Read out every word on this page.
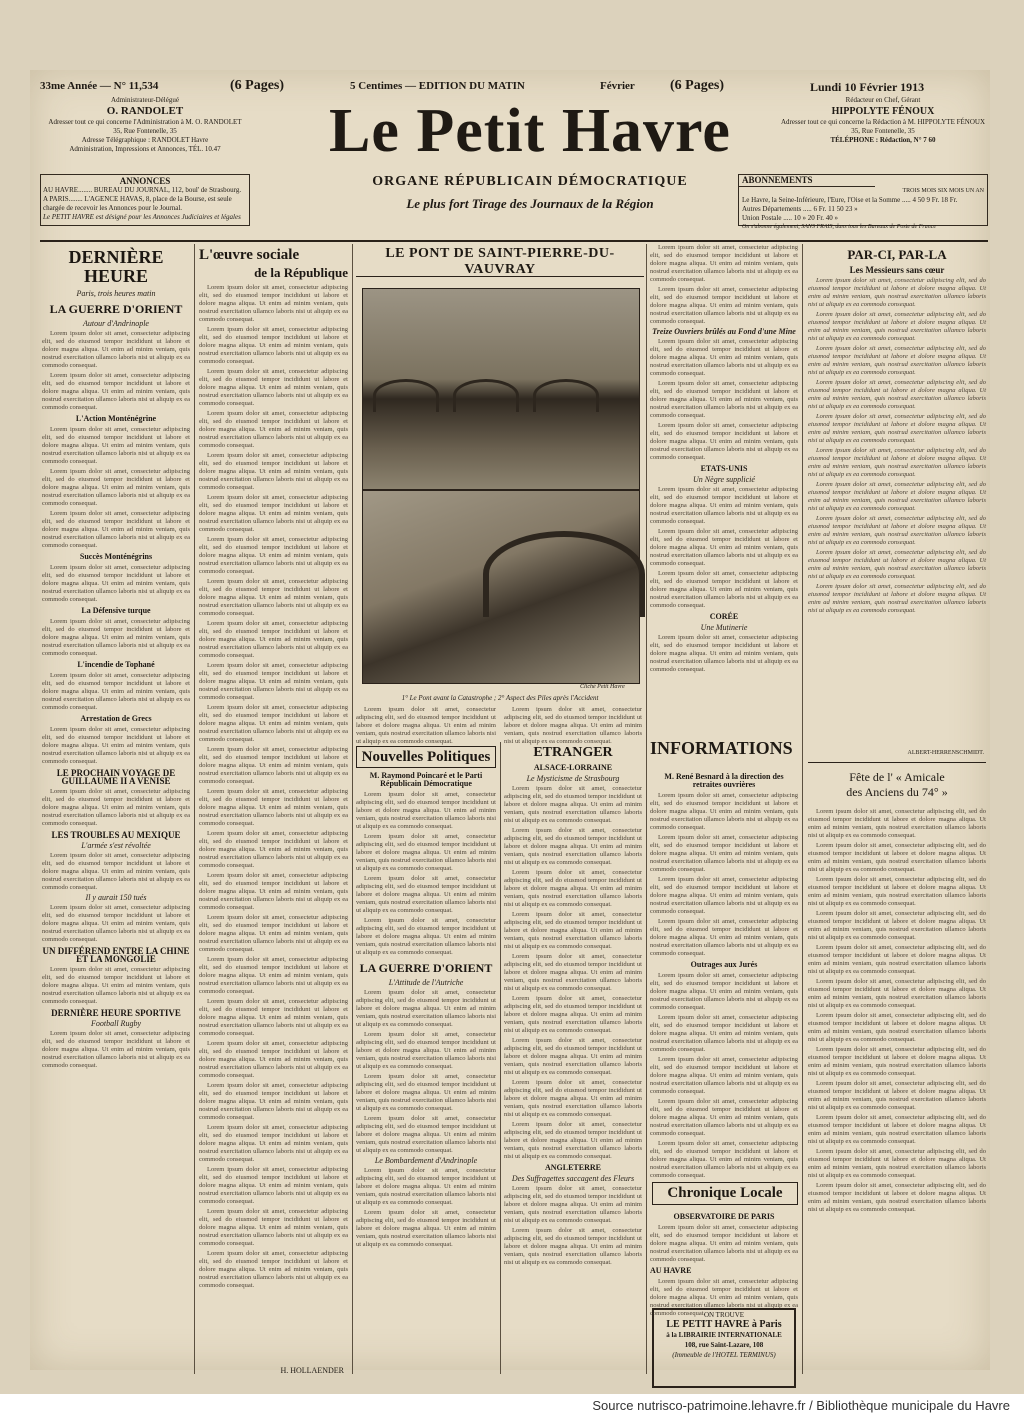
33me Année — N° 11,534	(6 Pages)	5 Centimes — EDITION DU MATIN	Février	(6 Pages)	Lundi 10 Février 1913
Administrateur-Délégué
O. RANDOLET
Adresser tout ce qui concerne l'Administration à M. O. RANDOLET
35, Rue Fontenelle, 35
Adresse Télégraphique : RANDOLET Havre
Administration, Impressions et Annonces, TÉL. 10.47
ANNONCES
AU HAVRE........ BUREAU DU JOURNAL, 112, boul' de Strasbourg.
A PARIS........ L'AGENCE HAVAS, 8, place de la Bourse, est seule chargée de recevoir les Annonces pour le Journal.
Le PETIT HAVRE est désigné pour les Annonces Judiciaires et légales
Le Petit Havre
ORGANE RÉPUBLICAIN DÉMOCRATIQUE
Le plus fort Tirage des Journaux de la Région
Rédacteur en Chef, Gérant
HIPPOLYTE FÉNOUX
Adresser tout ce qui concerne la Rédaction à M. HIPPOLYTE FÉNOUX
35, Rue Fontenelle, 35
TÉLÉPHONE : Rédaction, N° 7 60
ABONNEMENTS
TROIS MOIS SIX MOIS UN AN
Le Havre, la Seine-Inférieure, l'Eure, l'Oise et la Somme ..... 4 50 9 Fr. 18 Fr.
Autres Départements ..... 6 Fr. 11 50 23 »
Union Postale ..... 10 » 20 Fr. 40 »
On s'abonne également, SANS FRAIS, dans tous les Bureaux de Poste de France
DERNIÈRE HEURE
Paris, trois heures matin
LA GUERRE D'ORIENT
Autour d'Andrinople

Lorem ipsum dolor sit amet, consectetur adipiscing elit, sed do eiusmod tempor incididunt ut labore et dolore magna aliqua. Ut enim ad minim veniam, quis nostrud exercitation ullamco laboris nisi ut aliquip ex ea commodo consequat.

Lorem ipsum dolor sit amet, consectetur adipiscing elit, sed do eiusmod tempor incididunt ut labore et dolore magna aliqua. Ut enim ad minim veniam, quis nostrud exercitation ullamco laboris nisi ut aliquip ex ea commodo consequat.

L'Action Monténégrine

Lorem ipsum dolor sit amet, consectetur adipiscing elit, sed do eiusmod tempor incididunt ut labore et dolore magna aliqua. Ut enim ad minim veniam, quis nostrud exercitation ullamco laboris nisi ut aliquip ex ea commodo consequat.

Lorem ipsum dolor sit amet, consectetur adipiscing elit, sed do eiusmod tempor incididunt ut labore et dolore magna aliqua. Ut enim ad minim veniam, quis nostrud exercitation ullamco laboris nisi ut aliquip ex ea commodo consequat.

Lorem ipsum dolor sit amet, consectetur adipiscing elit, sed do eiusmod tempor incididunt ut labore et dolore magna aliqua. Ut enim ad minim veniam, quis nostrud exercitation ullamco laboris nisi ut aliquip ex ea commodo consequat.

Succès Monténégrins

Lorem ipsum dolor sit amet, consectetur adipiscing elit, sed do eiusmod tempor incididunt ut labore et dolore magna aliqua. Ut enim ad minim veniam, quis nostrud exercitation ullamco laboris nisi ut aliquip ex ea commodo consequat.

La Défensive turque

Lorem ipsum dolor sit amet, consectetur adipiscing elit, sed do eiusmod tempor incididunt ut labore et dolore magna aliqua. Ut enim ad minim veniam, quis nostrud exercitation ullamco laboris nisi ut aliquip ex ea commodo consequat.

L'incendie de Tophané

Lorem ipsum dolor sit amet, consectetur adipiscing elit, sed do eiusmod tempor incididunt ut labore et dolore magna aliqua. Ut enim ad minim veniam, quis nostrud exercitation ullamco laboris nisi ut aliquip ex ea commodo consequat.

Arrestation de Grecs

Lorem ipsum dolor sit amet, consectetur adipiscing elit, sed do eiusmod tempor incididunt ut labore et dolore magna aliqua. Ut enim ad minim veniam, quis nostrud exercitation ullamco laboris nisi ut aliquip ex ea commodo consequat.

LE PROCHAIN VOYAGE DE GUILLAUME II A VENISE

Lorem ipsum dolor sit amet, consectetur adipiscing elit, sed do eiusmod tempor incididunt ut labore et dolore magna aliqua. Ut enim ad minim veniam, quis nostrud exercitation ullamco laboris nisi ut aliquip ex ea commodo consequat.

LES TROUBLES AU MEXIQUE
L'armée s'est révoltée

Lorem ipsum dolor sit amet, consectetur adipiscing elit, sed do eiusmod tempor incididunt ut labore et dolore magna aliqua. Ut enim ad minim veniam, quis nostrud exercitation ullamco laboris nisi ut aliquip ex ea commodo consequat.

Il y aurait 150 tués

Lorem ipsum dolor sit amet, consectetur adipiscing elit, sed do eiusmod tempor incididunt ut labore et dolore magna aliqua. Ut enim ad minim veniam, quis nostrud exercitation ullamco laboris nisi ut aliquip ex ea commodo consequat.

UN DIFFÉREND ENTRE LA CHINE ET LA MONGOLIE

Lorem ipsum dolor sit amet, consectetur adipiscing elit, sed do eiusmod tempor incididunt ut labore et dolore magna aliqua. Ut enim ad minim veniam, quis nostrud exercitation ullamco laboris nisi ut aliquip ex ea commodo consequat.

DERNIÈRE HEURE SPORTIVE
Football Rugby

Lorem ipsum dolor sit amet, consectetur adipiscing elit, sed do eiusmod tempor incididunt ut labore et dolore magna aliqua. Ut enim ad minim veniam, quis nostrud exercitation ullamco laboris nisi ut aliquip ex ea commodo consequat.

L'œuvre sociale
de la République

Lorem ipsum dolor sit amet, consectetur adipiscing elit, sed do eiusmod tempor incididunt ut labore et dolore magna aliqua. Ut enim ad minim veniam, quis nostrud exercitation ullamco laboris nisi ut aliquip ex ea commodo consequat.

Lorem ipsum dolor sit amet, consectetur adipiscing elit, sed do eiusmod tempor incididunt ut labore et dolore magna aliqua. Ut enim ad minim veniam, quis nostrud exercitation ullamco laboris nisi ut aliquip ex ea commodo consequat.

Lorem ipsum dolor sit amet, consectetur adipiscing elit, sed do eiusmod tempor incididunt ut labore et dolore magna aliqua. Ut enim ad minim veniam, quis nostrud exercitation ullamco laboris nisi ut aliquip ex ea commodo consequat.

Lorem ipsum dolor sit amet, consectetur adipiscing elit, sed do eiusmod tempor incididunt ut labore et dolore magna aliqua. Ut enim ad minim veniam, quis nostrud exercitation ullamco laboris nisi ut aliquip ex ea commodo consequat.

Lorem ipsum dolor sit amet, consectetur adipiscing elit, sed do eiusmod tempor incididunt ut labore et dolore magna aliqua. Ut enim ad minim veniam, quis nostrud exercitation ullamco laboris nisi ut aliquip ex ea commodo consequat.

Lorem ipsum dolor sit amet, consectetur adipiscing elit, sed do eiusmod tempor incididunt ut labore et dolore magna aliqua. Ut enim ad minim veniam, quis nostrud exercitation ullamco laboris nisi ut aliquip ex ea commodo consequat.

Lorem ipsum dolor sit amet, consectetur adipiscing elit, sed do eiusmod tempor incididunt ut labore et dolore magna aliqua. Ut enim ad minim veniam, quis nostrud exercitation ullamco laboris nisi ut aliquip ex ea commodo consequat.

Lorem ipsum dolor sit amet, consectetur adipiscing elit, sed do eiusmod tempor incididunt ut labore et dolore magna aliqua. Ut enim ad minim veniam, quis nostrud exercitation ullamco laboris nisi ut aliquip ex ea commodo consequat.

Lorem ipsum dolor sit amet, consectetur adipiscing elit, sed do eiusmod tempor incididunt ut labore et dolore magna aliqua. Ut enim ad minim veniam, quis nostrud exercitation ullamco laboris nisi ut aliquip ex ea commodo consequat.

Lorem ipsum dolor sit amet, consectetur adipiscing elit, sed do eiusmod tempor incididunt ut labore et dolore magna aliqua. Ut enim ad minim veniam, quis nostrud exercitation ullamco laboris nisi ut aliquip ex ea commodo consequat.

Lorem ipsum dolor sit amet, consectetur adipiscing elit, sed do eiusmod tempor incididunt ut labore et dolore magna aliqua. Ut enim ad minim veniam, quis nostrud exercitation ullamco laboris nisi ut aliquip ex ea commodo consequat.

Lorem ipsum dolor sit amet, consectetur adipiscing elit, sed do eiusmod tempor incididunt ut labore et dolore magna aliqua. Ut enim ad minim veniam, quis nostrud exercitation ullamco laboris nisi ut aliquip ex ea commodo consequat.

Lorem ipsum dolor sit amet, consectetur adipiscing elit, sed do eiusmod tempor incididunt ut labore et dolore magna aliqua. Ut enim ad minim veniam, quis nostrud exercitation ullamco laboris nisi ut aliquip ex ea commodo consequat.

Lorem ipsum dolor sit amet, consectetur adipiscing elit, sed do eiusmod tempor incididunt ut labore et dolore magna aliqua. Ut enim ad minim veniam, quis nostrud exercitation ullamco laboris nisi ut aliquip ex ea commodo consequat.

Lorem ipsum dolor sit amet, consectetur adipiscing elit, sed do eiusmod tempor incididunt ut labore et dolore magna aliqua. Ut enim ad minim veniam, quis nostrud exercitation ullamco laboris nisi ut aliquip ex ea commodo consequat.

Lorem ipsum dolor sit amet, consectetur adipiscing elit, sed do eiusmod tempor incididunt ut labore et dolore magna aliqua. Ut enim ad minim veniam, quis nostrud exercitation ullamco laboris nisi ut aliquip ex ea commodo consequat.

Lorem ipsum dolor sit amet, consectetur adipiscing elit, sed do eiusmod tempor incididunt ut labore et dolore magna aliqua. Ut enim ad minim veniam, quis nostrud exercitation ullamco laboris nisi ut aliquip ex ea commodo consequat.

Lorem ipsum dolor sit amet, consectetur adipiscing elit, sed do eiusmod tempor incididunt ut labore et dolore magna aliqua. Ut enim ad minim veniam, quis nostrud exercitation ullamco laboris nisi ut aliquip ex ea commodo consequat.

Lorem ipsum dolor sit amet, consectetur adipiscing elit, sed do eiusmod tempor incididunt ut labore et dolore magna aliqua. Ut enim ad minim veniam, quis nostrud exercitation ullamco laboris nisi ut aliquip ex ea commodo consequat.

Lorem ipsum dolor sit amet, consectetur adipiscing elit, sed do eiusmod tempor incididunt ut labore et dolore magna aliqua. Ut enim ad minim veniam, quis nostrud exercitation ullamco laboris nisi ut aliquip ex ea commodo consequat.

Lorem ipsum dolor sit amet, consectetur adipiscing elit, sed do eiusmod tempor incididunt ut labore et dolore magna aliqua. Ut enim ad minim veniam, quis nostrud exercitation ullamco laboris nisi ut aliquip ex ea commodo consequat.

Lorem ipsum dolor sit amet, consectetur adipiscing elit, sed do eiusmod tempor incididunt ut labore et dolore magna aliqua. Ut enim ad minim veniam, quis nostrud exercitation ullamco laboris nisi ut aliquip ex ea commodo consequat.

Lorem ipsum dolor sit amet, consectetur adipiscing elit, sed do eiusmod tempor incididunt ut labore et dolore magna aliqua. Ut enim ad minim veniam, quis nostrud exercitation ullamco laboris nisi ut aliquip ex ea commodo consequat.

Lorem ipsum dolor sit amet, consectetur adipiscing elit, sed do eiusmod tempor incididunt ut labore et dolore magna aliqua. Ut enim ad minim veniam, quis nostrud exercitation ullamco laboris nisi ut aliquip ex ea commodo consequat.

H. HOLLAENDER
LE PONT DE SAINT-PIERRE-DU-VAUVRAY
Cliché Petit Havre
1° Le Pont avant la Catastrophe ; 2° Aspect des Piles après l'Accident

Lorem ipsum dolor sit amet, consectetur adipiscing elit, sed do eiusmod tempor incididunt ut labore et dolore magna aliqua. Ut enim ad minim veniam, quis nostrud exercitation ullamco laboris nisi ut aliquip ex ea commodo consequat.

Lorem ipsum dolor sit amet, consectetur adipiscing elit, sed do eiusmod tempor incididunt ut labore et dolore magna aliqua. Ut enim ad minim veniam, quis nostrud exercitation ullamco laboris nisi ut aliquip ex ea commodo consequat.

Nouvelles Politiques
M. Raymond Poincaré et le Parti Républicain Démocratique

Lorem ipsum dolor sit amet, consectetur adipiscing elit, sed do eiusmod tempor incididunt ut labore et dolore magna aliqua. Ut enim ad minim veniam, quis nostrud exercitation ullamco laboris nisi ut aliquip ex ea commodo consequat.

Lorem ipsum dolor sit amet, consectetur adipiscing elit, sed do eiusmod tempor incididunt ut labore et dolore magna aliqua. Ut enim ad minim veniam, quis nostrud exercitation ullamco laboris nisi ut aliquip ex ea commodo consequat.

Lorem ipsum dolor sit amet, consectetur adipiscing elit, sed do eiusmod tempor incididunt ut labore et dolore magna aliqua. Ut enim ad minim veniam, quis nostrud exercitation ullamco laboris nisi ut aliquip ex ea commodo consequat.

Lorem ipsum dolor sit amet, consectetur adipiscing elit, sed do eiusmod tempor incididunt ut labore et dolore magna aliqua. Ut enim ad minim veniam, quis nostrud exercitation ullamco laboris nisi ut aliquip ex ea commodo consequat.

LA GUERRE D'ORIENT
L'Attitude de l'Autriche

Lorem ipsum dolor sit amet, consectetur adipiscing elit, sed do eiusmod tempor incididunt ut labore et dolore magna aliqua. Ut enim ad minim veniam, quis nostrud exercitation ullamco laboris nisi ut aliquip ex ea commodo consequat.

Lorem ipsum dolor sit amet, consectetur adipiscing elit, sed do eiusmod tempor incididunt ut labore et dolore magna aliqua. Ut enim ad minim veniam, quis nostrud exercitation ullamco laboris nisi ut aliquip ex ea commodo consequat.

Lorem ipsum dolor sit amet, consectetur adipiscing elit, sed do eiusmod tempor incididunt ut labore et dolore magna aliqua. Ut enim ad minim veniam, quis nostrud exercitation ullamco laboris nisi ut aliquip ex ea commodo consequat.

Lorem ipsum dolor sit amet, consectetur adipiscing elit, sed do eiusmod tempor incididunt ut labore et dolore magna aliqua. Ut enim ad minim veniam, quis nostrud exercitation ullamco laboris nisi ut aliquip ex ea commodo consequat.

Le Bombardement d'Andrinople

Lorem ipsum dolor sit amet, consectetur adipiscing elit, sed do eiusmod tempor incididunt ut labore et dolore magna aliqua. Ut enim ad minim veniam, quis nostrud exercitation ullamco laboris nisi ut aliquip ex ea commodo consequat.

Lorem ipsum dolor sit amet, consectetur adipiscing elit, sed do eiusmod tempor incididunt ut labore et dolore magna aliqua. Ut enim ad minim veniam, quis nostrud exercitation ullamco laboris nisi ut aliquip ex ea commodo consequat.

ETRANGER
ALSACE-LORRAINE
Le Mysticisme de Strasbourg

Lorem ipsum dolor sit amet, consectetur adipiscing elit, sed do eiusmod tempor incididunt ut labore et dolore magna aliqua. Ut enim ad minim veniam, quis nostrud exercitation ullamco laboris nisi ut aliquip ex ea commodo consequat.

Lorem ipsum dolor sit amet, consectetur adipiscing elit, sed do eiusmod tempor incididunt ut labore et dolore magna aliqua. Ut enim ad minim veniam, quis nostrud exercitation ullamco laboris nisi ut aliquip ex ea commodo consequat.

Lorem ipsum dolor sit amet, consectetur adipiscing elit, sed do eiusmod tempor incididunt ut labore et dolore magna aliqua. Ut enim ad minim veniam, quis nostrud exercitation ullamco laboris nisi ut aliquip ex ea commodo consequat.

Lorem ipsum dolor sit amet, consectetur adipiscing elit, sed do eiusmod tempor incididunt ut labore et dolore magna aliqua. Ut enim ad minim veniam, quis nostrud exercitation ullamco laboris nisi ut aliquip ex ea commodo consequat.

Lorem ipsum dolor sit amet, consectetur adipiscing elit, sed do eiusmod tempor incididunt ut labore et dolore magna aliqua. Ut enim ad minim veniam, quis nostrud exercitation ullamco laboris nisi ut aliquip ex ea commodo consequat.

Lorem ipsum dolor sit amet, consectetur adipiscing elit, sed do eiusmod tempor incididunt ut labore et dolore magna aliqua. Ut enim ad minim veniam, quis nostrud exercitation ullamco laboris nisi ut aliquip ex ea commodo consequat.

Lorem ipsum dolor sit amet, consectetur adipiscing elit, sed do eiusmod tempor incididunt ut labore et dolore magna aliqua. Ut enim ad minim veniam, quis nostrud exercitation ullamco laboris nisi ut aliquip ex ea commodo consequat.

Lorem ipsum dolor sit amet, consectetur adipiscing elit, sed do eiusmod tempor incididunt ut labore et dolore magna aliqua. Ut enim ad minim veniam, quis nostrud exercitation ullamco laboris nisi ut aliquip ex ea commodo consequat.

Lorem ipsum dolor sit amet, consectetur adipiscing elit, sed do eiusmod tempor incididunt ut labore et dolore magna aliqua. Ut enim ad minim veniam, quis nostrud exercitation ullamco laboris nisi ut aliquip ex ea commodo consequat.

ANGLETERRE
Des Suffragettes saccagent des Fleurs

Lorem ipsum dolor sit amet, consectetur adipiscing elit, sed do eiusmod tempor incididunt ut labore et dolore magna aliqua. Ut enim ad minim veniam, quis nostrud exercitation ullamco laboris nisi ut aliquip ex ea commodo consequat.

Lorem ipsum dolor sit amet, consectetur adipiscing elit, sed do eiusmod tempor incididunt ut labore et dolore magna aliqua. Ut enim ad minim veniam, quis nostrud exercitation ullamco laboris nisi ut aliquip ex ea commodo consequat.

Lorem ipsum dolor sit amet, consectetur adipiscing elit, sed do eiusmod tempor incididunt ut labore et dolore magna aliqua. Ut enim ad minim veniam, quis nostrud exercitation ullamco laboris nisi ut aliquip ex ea commodo consequat.

Lorem ipsum dolor sit amet, consectetur adipiscing elit, sed do eiusmod tempor incididunt ut labore et dolore magna aliqua. Ut enim ad minim veniam, quis nostrud exercitation ullamco laboris nisi ut aliquip ex ea commodo consequat.

Treize Ouvriers brûlés au Fond d'une Mine

Lorem ipsum dolor sit amet, consectetur adipiscing elit, sed do eiusmod tempor incididunt ut labore et dolore magna aliqua. Ut enim ad minim veniam, quis nostrud exercitation ullamco laboris nisi ut aliquip ex ea commodo consequat.

Lorem ipsum dolor sit amet, consectetur adipiscing elit, sed do eiusmod tempor incididunt ut labore et dolore magna aliqua. Ut enim ad minim veniam, quis nostrud exercitation ullamco laboris nisi ut aliquip ex ea commodo consequat.

Lorem ipsum dolor sit amet, consectetur adipiscing elit, sed do eiusmod tempor incididunt ut labore et dolore magna aliqua. Ut enim ad minim veniam, quis nostrud exercitation ullamco laboris nisi ut aliquip ex ea commodo consequat.

ETATS-UNIS
Un Nègre supplicié

Lorem ipsum dolor sit amet, consectetur adipiscing elit, sed do eiusmod tempor incididunt ut labore et dolore magna aliqua. Ut enim ad minim veniam, quis nostrud exercitation ullamco laboris nisi ut aliquip ex ea commodo consequat.

Lorem ipsum dolor sit amet, consectetur adipiscing elit, sed do eiusmod tempor incididunt ut labore et dolore magna aliqua. Ut enim ad minim veniam, quis nostrud exercitation ullamco laboris nisi ut aliquip ex ea commodo consequat.

Lorem ipsum dolor sit amet, consectetur adipiscing elit, sed do eiusmod tempor incididunt ut labore et dolore magna aliqua. Ut enim ad minim veniam, quis nostrud exercitation ullamco laboris nisi ut aliquip ex ea commodo consequat.

CORÉE
Une Mutinerie

Lorem ipsum dolor sit amet, consectetur adipiscing elit, sed do eiusmod tempor incididunt ut labore et dolore magna aliqua. Ut enim ad minim veniam, quis nostrud exercitation ullamco laboris nisi ut aliquip ex ea commodo consequat.

INFORMATIONS
M. René Besnard à la direction des retraites ouvrières

Lorem ipsum dolor sit amet, consectetur adipiscing elit, sed do eiusmod tempor incididunt ut labore et dolore magna aliqua. Ut enim ad minim veniam, quis nostrud exercitation ullamco laboris nisi ut aliquip ex ea commodo consequat.

Lorem ipsum dolor sit amet, consectetur adipiscing elit, sed do eiusmod tempor incididunt ut labore et dolore magna aliqua. Ut enim ad minim veniam, quis nostrud exercitation ullamco laboris nisi ut aliquip ex ea commodo consequat.

Lorem ipsum dolor sit amet, consectetur adipiscing elit, sed do eiusmod tempor incididunt ut labore et dolore magna aliqua. Ut enim ad minim veniam, quis nostrud exercitation ullamco laboris nisi ut aliquip ex ea commodo consequat.

Lorem ipsum dolor sit amet, consectetur adipiscing elit, sed do eiusmod tempor incididunt ut labore et dolore magna aliqua. Ut enim ad minim veniam, quis nostrud exercitation ullamco laboris nisi ut aliquip ex ea commodo consequat.

Outrages aux Jurés

Lorem ipsum dolor sit amet, consectetur adipiscing elit, sed do eiusmod tempor incididunt ut labore et dolore magna aliqua. Ut enim ad minim veniam, quis nostrud exercitation ullamco laboris nisi ut aliquip ex ea commodo consequat.

Lorem ipsum dolor sit amet, consectetur adipiscing elit, sed do eiusmod tempor incididunt ut labore et dolore magna aliqua. Ut enim ad minim veniam, quis nostrud exercitation ullamco laboris nisi ut aliquip ex ea commodo consequat.

Lorem ipsum dolor sit amet, consectetur adipiscing elit, sed do eiusmod tempor incididunt ut labore et dolore magna aliqua. Ut enim ad minim veniam, quis nostrud exercitation ullamco laboris nisi ut aliquip ex ea commodo consequat.

Lorem ipsum dolor sit amet, consectetur adipiscing elit, sed do eiusmod tempor incididunt ut labore et dolore magna aliqua. Ut enim ad minim veniam, quis nostrud exercitation ullamco laboris nisi ut aliquip ex ea commodo consequat.

Lorem ipsum dolor sit amet, consectetur adipiscing elit, sed do eiusmod tempor incididunt ut labore et dolore magna aliqua. Ut enim ad minim veniam, quis nostrud exercitation ullamco laboris nisi ut aliquip ex ea commodo consequat.

Chronique Locale
OBSERVATOIRE DE PARIS

Lorem ipsum dolor sit amet, consectetur adipiscing elit, sed do eiusmod tempor incididunt ut labore et dolore magna aliqua. Ut enim ad minim veniam, quis nostrud exercitation ullamco laboris nisi ut aliquip ex ea commodo consequat.

AU HAVRE

Lorem ipsum dolor sit amet, consectetur adipiscing elit, sed do eiusmod tempor incididunt ut labore et dolore magna aliqua. Ut enim ad minim veniam, quis nostrud exercitation ullamco laboris nisi ut aliquip ex ea commodo consequat.

ON TROUVE
LE PETIT HAVRE à Paris
à la LIBRAIRIE INTERNATIONALE
108, rue Saint-Lazare, 108
(Immeuble de l'HOTEL TERMINUS)
PAR-CI, PAR-LA
Les Messieurs sans cœur

Lorem ipsum dolor sit amet, consectetur adipiscing elit, sed do eiusmod tempor incididunt ut labore et dolore magna aliqua. Ut enim ad minim veniam, quis nostrud exercitation ullamco laboris nisi ut aliquip ex ea commodo consequat.

Lorem ipsum dolor sit amet, consectetur adipiscing elit, sed do eiusmod tempor incididunt ut labore et dolore magna aliqua. Ut enim ad minim veniam, quis nostrud exercitation ullamco laboris nisi ut aliquip ex ea commodo consequat.

Lorem ipsum dolor sit amet, consectetur adipiscing elit, sed do eiusmod tempor incididunt ut labore et dolore magna aliqua. Ut enim ad minim veniam, quis nostrud exercitation ullamco laboris nisi ut aliquip ex ea commodo consequat.

Lorem ipsum dolor sit amet, consectetur adipiscing elit, sed do eiusmod tempor incididunt ut labore et dolore magna aliqua. Ut enim ad minim veniam, quis nostrud exercitation ullamco laboris nisi ut aliquip ex ea commodo consequat.

Lorem ipsum dolor sit amet, consectetur adipiscing elit, sed do eiusmod tempor incididunt ut labore et dolore magna aliqua. Ut enim ad minim veniam, quis nostrud exercitation ullamco laboris nisi ut aliquip ex ea commodo consequat.

Lorem ipsum dolor sit amet, consectetur adipiscing elit, sed do eiusmod tempor incididunt ut labore et dolore magna aliqua. Ut enim ad minim veniam, quis nostrud exercitation ullamco laboris nisi ut aliquip ex ea commodo consequat.

Lorem ipsum dolor sit amet, consectetur adipiscing elit, sed do eiusmod tempor incididunt ut labore et dolore magna aliqua. Ut enim ad minim veniam, quis nostrud exercitation ullamco laboris nisi ut aliquip ex ea commodo consequat.

Lorem ipsum dolor sit amet, consectetur adipiscing elit, sed do eiusmod tempor incididunt ut labore et dolore magna aliqua. Ut enim ad minim veniam, quis nostrud exercitation ullamco laboris nisi ut aliquip ex ea commodo consequat.

Lorem ipsum dolor sit amet, consectetur adipiscing elit, sed do eiusmod tempor incididunt ut labore et dolore magna aliqua. Ut enim ad minim veniam, quis nostrud exercitation ullamco laboris nisi ut aliquip ex ea commodo consequat.

Lorem ipsum dolor sit amet, consectetur adipiscing elit, sed do eiusmod tempor incididunt ut labore et dolore magna aliqua. Ut enim ad minim veniam, quis nostrud exercitation ullamco laboris nisi ut aliquip ex ea commodo consequat.

ALBERT-HERRENSCHMIDT.
Fête de l' « Amicale
des Anciens du 74° »

Lorem ipsum dolor sit amet, consectetur adipiscing elit, sed do eiusmod tempor incididunt ut labore et dolore magna aliqua. Ut enim ad minim veniam, quis nostrud exercitation ullamco laboris nisi ut aliquip ex ea commodo consequat.

Lorem ipsum dolor sit amet, consectetur adipiscing elit, sed do eiusmod tempor incididunt ut labore et dolore magna aliqua. Ut enim ad minim veniam, quis nostrud exercitation ullamco laboris nisi ut aliquip ex ea commodo consequat.

Lorem ipsum dolor sit amet, consectetur adipiscing elit, sed do eiusmod tempor incididunt ut labore et dolore magna aliqua. Ut enim ad minim veniam, quis nostrud exercitation ullamco laboris nisi ut aliquip ex ea commodo consequat.

Lorem ipsum dolor sit amet, consectetur adipiscing elit, sed do eiusmod tempor incididunt ut labore et dolore magna aliqua. Ut enim ad minim veniam, quis nostrud exercitation ullamco laboris nisi ut aliquip ex ea commodo consequat.

Lorem ipsum dolor sit amet, consectetur adipiscing elit, sed do eiusmod tempor incididunt ut labore et dolore magna aliqua. Ut enim ad minim veniam, quis nostrud exercitation ullamco laboris nisi ut aliquip ex ea commodo consequat.

Lorem ipsum dolor sit amet, consectetur adipiscing elit, sed do eiusmod tempor incididunt ut labore et dolore magna aliqua. Ut enim ad minim veniam, quis nostrud exercitation ullamco laboris nisi ut aliquip ex ea commodo consequat.

Lorem ipsum dolor sit amet, consectetur adipiscing elit, sed do eiusmod tempor incididunt ut labore et dolore magna aliqua. Ut enim ad minim veniam, quis nostrud exercitation ullamco laboris nisi ut aliquip ex ea commodo consequat.

Lorem ipsum dolor sit amet, consectetur adipiscing elit, sed do eiusmod tempor incididunt ut labore et dolore magna aliqua. Ut enim ad minim veniam, quis nostrud exercitation ullamco laboris nisi ut aliquip ex ea commodo consequat.

Lorem ipsum dolor sit amet, consectetur adipiscing elit, sed do eiusmod tempor incididunt ut labore et dolore magna aliqua. Ut enim ad minim veniam, quis nostrud exercitation ullamco laboris nisi ut aliquip ex ea commodo consequat.

Lorem ipsum dolor sit amet, consectetur adipiscing elit, sed do eiusmod tempor incididunt ut labore et dolore magna aliqua. Ut enim ad minim veniam, quis nostrud exercitation ullamco laboris nisi ut aliquip ex ea commodo consequat.

Lorem ipsum dolor sit amet, consectetur adipiscing elit, sed do eiusmod tempor incididunt ut labore et dolore magna aliqua. Ut enim ad minim veniam, quis nostrud exercitation ullamco laboris nisi ut aliquip ex ea commodo consequat.

Lorem ipsum dolor sit amet, consectetur adipiscing elit, sed do eiusmod tempor incididunt ut labore et dolore magna aliqua. Ut enim ad minim veniam, quis nostrud exercitation ullamco laboris nisi ut aliquip ex ea commodo consequat.

Source nutrisco-patrimoine.lehavre.fr / Bibliothèque municipale du Havre
